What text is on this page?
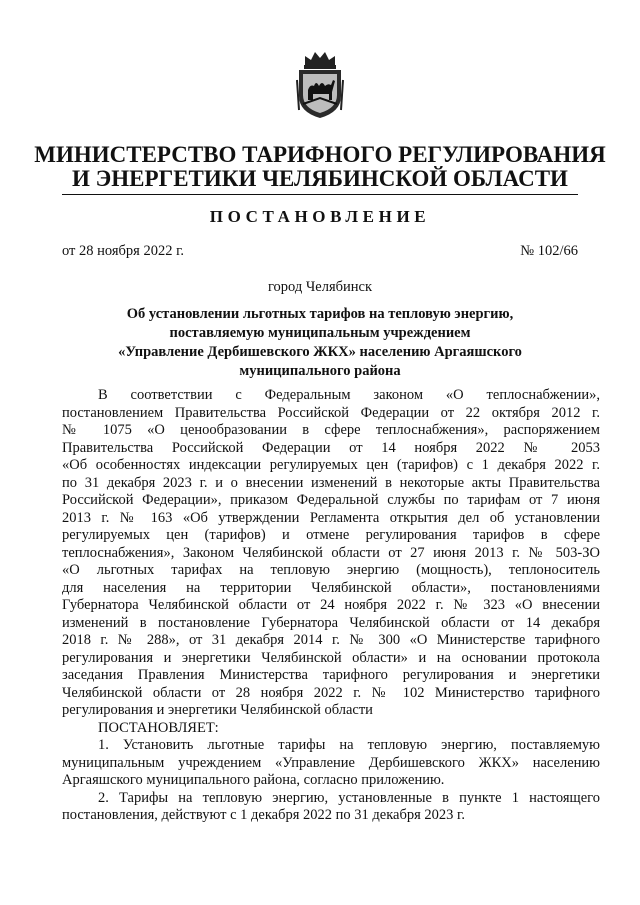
МИНИСТЕРСТВО ТАРИФНОГО РЕГУЛИРОВАНИЯ
И ЭНЕРГЕТИКИ ЧЕЛЯБИНСКОЙ ОБЛАСТИ
ПОСТАНОВЛЕНИЕ
от 28 ноября 2022 г.	№ 102/66
город Челябинск
Об установлении льготных тарифов на тепловую энергию,
поставляемую муниципальным учреждением
«Управление Дербишевского ЖКХ» населению Аргаяшского
муниципального района
В соответствии с Федеральным законом «О теплоснабжении»,
постановлением Правительства Российской Федерации от 22 октября 2012 г.
№ 1075 «О ценообразовании в сфере теплоснабжения», распоряжением
Правительства Российской Федерации от 14 ноября 2022 № 2053
«Об особенностях индексации регулируемых цен (тарифов) с 1 декабря 2022 г.
по 31 декабря 2023 г. и о внесении изменений в некоторые акты Правительства
Российской Федерации», приказом Федеральной службы по тарифам от 7 июня
2013 г. № 163 «Об утверждении Регламента открытия дел об установлении
регулируемых цен (тарифов) и отмене регулирования тарифов в сфере
теплоснабжения», Законом Челябинской области от 27 июня 2013 г. № 503-ЗО
«О льготных тарифах на тепловую энергию (мощность), теплоноситель
для населения на территории Челябинской области», постановлениями
Губернатора Челябинской области от 24 ноября 2022 г. № 323 «О внесении
изменений в постановление Губернатора Челябинской области от 14 декабря
2018 г. № 288», от 31 декабря 2014 г. № 300 «О Министерстве тарифного
регулирования и энергетики Челябинской области» и на основании протокола
заседания Правления Министерства тарифного регулирования и энергетики
Челябинской области от 28 ноября 2022 г. № 102 Министерство тарифного
регулирования и энергетики Челябинской области
ПОСТАНОВЛЯЕТ:
1. Установить льготные тарифы на тепловую энергию, поставляемую
муниципальным учреждением «Управление Дербишевского ЖКХ» населению
Аргаяшского муниципального района, согласно приложению.
2. Тарифы на тепловую энергию, установленные в пункте 1 настоящего
постановления, действуют с 1 декабря 2022 по 31 декабря 2023 г.
